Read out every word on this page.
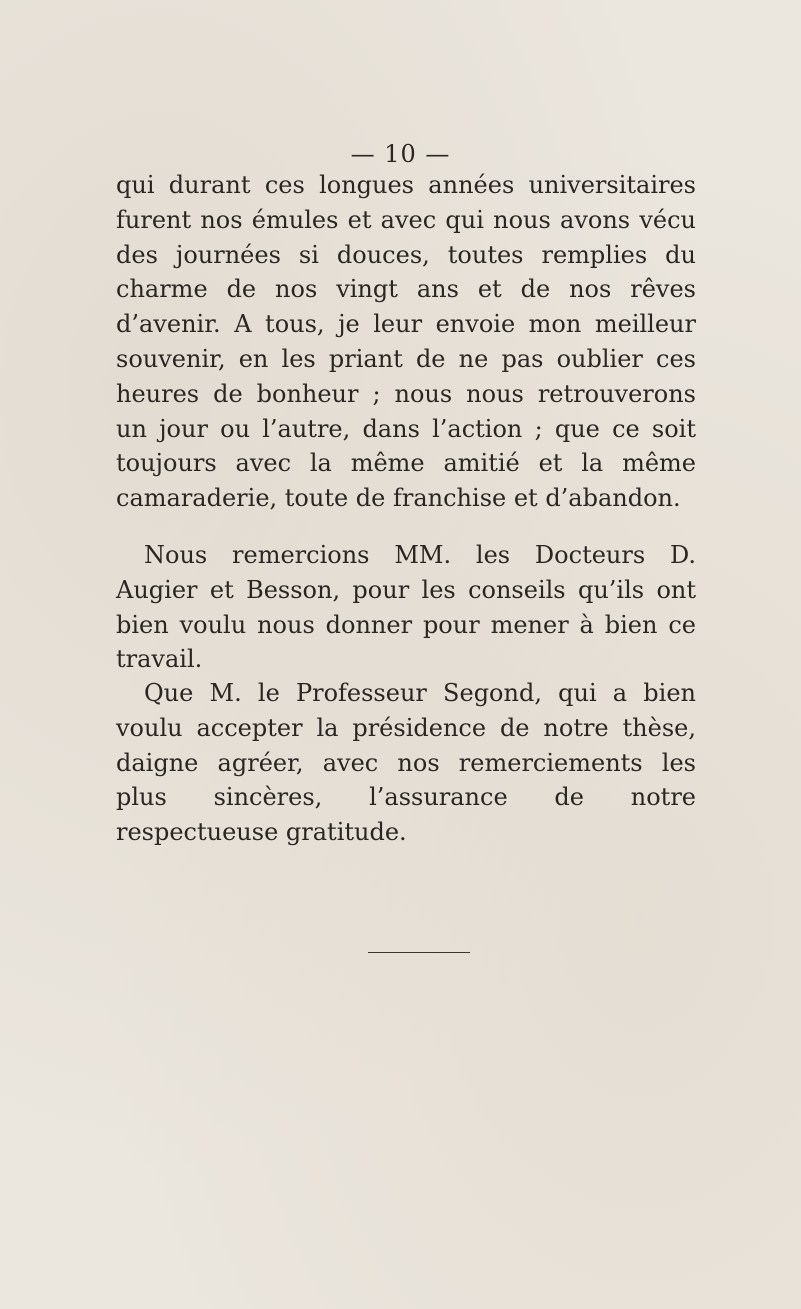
— 10 —

qui durant ces longues années universitaires furent nos émules et avec qui nous avons vécu des journées si douces, toutes remplies du charme de nos vingt ans et de nos rêves d’avenir. A tous, je leur envoie mon meilleur souvenir, en les priant de ne pas oublier ces heures de bonheur ; nous nous retrouverons un jour ou l’autre, dans l’action ; que ce soit toujours avec la même amitié et la même camaraderie, toute de franchise et d’abandon.

Nous remercions MM. les Docteurs D. Augier et Besson, pour les conseils qu’ils ont bien voulu nous donner pour mener à bien ce travail.

Que M. le Professeur Segond, qui a bien voulu accepter la présidence de notre thèse, daigne agréer, avec nos remerciements les plus sincères, l’assurance de notre respectueuse gratitude.
